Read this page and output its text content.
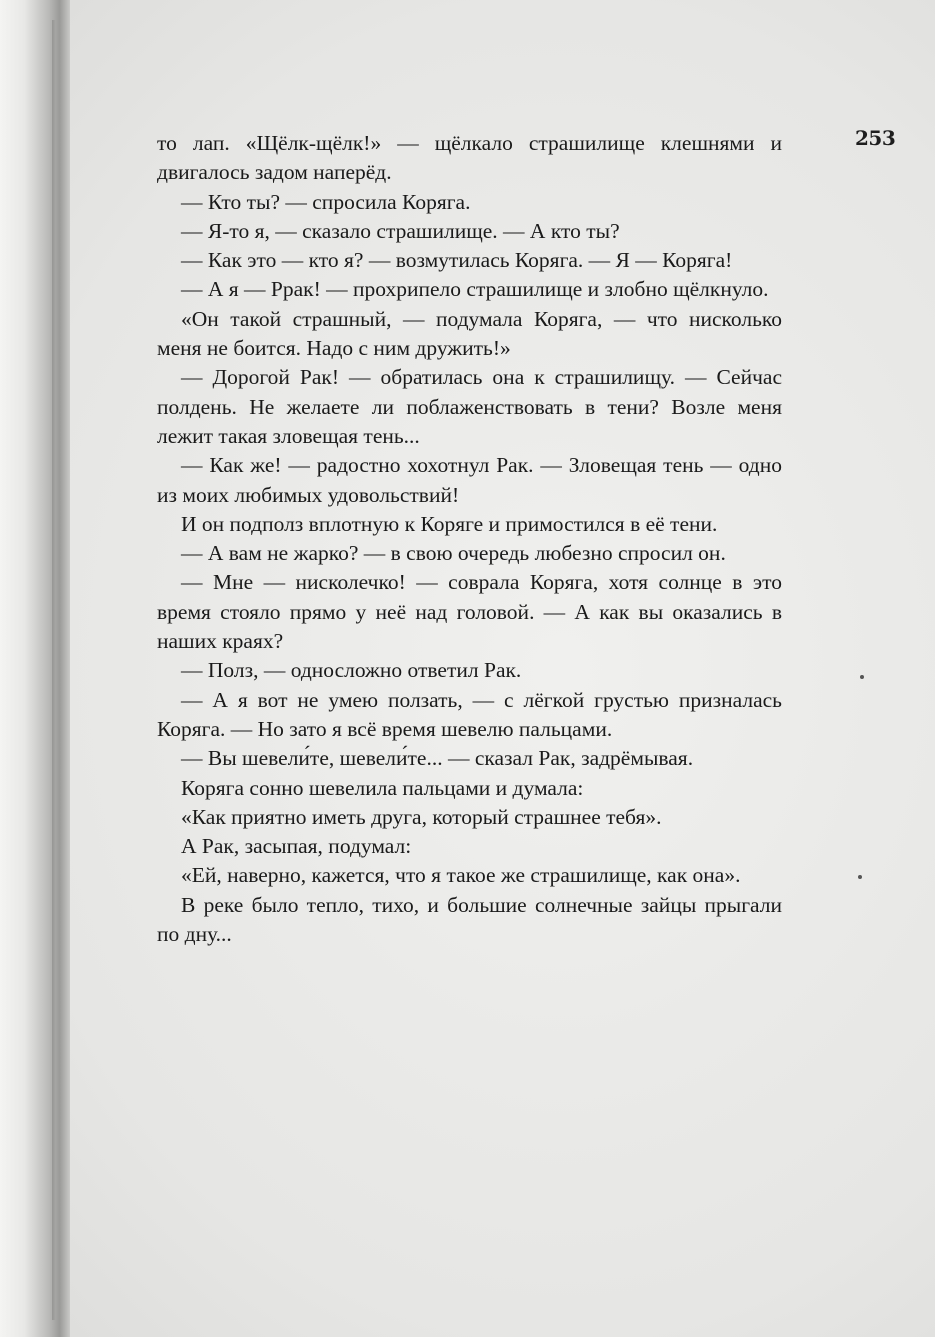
253

то лап. «Щёлк-щёлк!» — щёлкало страшилище клешнями и двигалось задом наперёд.

— Кто ты? — спросила Коряга.

— Я-то я, — сказало страшилище. — А кто ты?

— Как это — кто я? — возмутилась Коряга. — Я — Коряга!

— А я — Ррак! — прохрипело страшилище и злобно щёлкнуло.

«Он такой страшный, — подумала Коряга, — что нисколько меня не боится. Надо с ним дружить!»

— Дорогой Рак! — обратилась она к страшилищу. — Сейчас полдень. Не желаете ли поблаженствовать в тени? Возле меня лежит такая зловещая тень...

— Как же! — радостно хохотнул Рак. — Зловещая тень — одно из моих любимых удовольствий!

И он подполз вплотную к Коряге и примостился в её тени.

— А вам не жарко? — в свою очередь любезно спросил он.

— Мне — нисколечко! — соврала Коряга, хотя солнце в это время стояло прямо у неё над головой. — А как вы оказались в наших краях?

— Полз, — односложно ответил Рак.

— А я вот не умею ползать, — с лёгкой грустью призналась Коряга. — Но зато я всё время шевелю пальцами.

— Вы шевели́те, шевели́те... — сказал Рак, задрёмывая.

Коряга сонно шевелила пальцами и думала:

«Как приятно иметь друга, который страшнее тебя».

А Рак, засыпая, подумал:

«Ей, наверно, кажется, что я такое же страшилище, как она».

В реке было тепло, тихо, и большие солнечные зайцы прыгали по дну...
